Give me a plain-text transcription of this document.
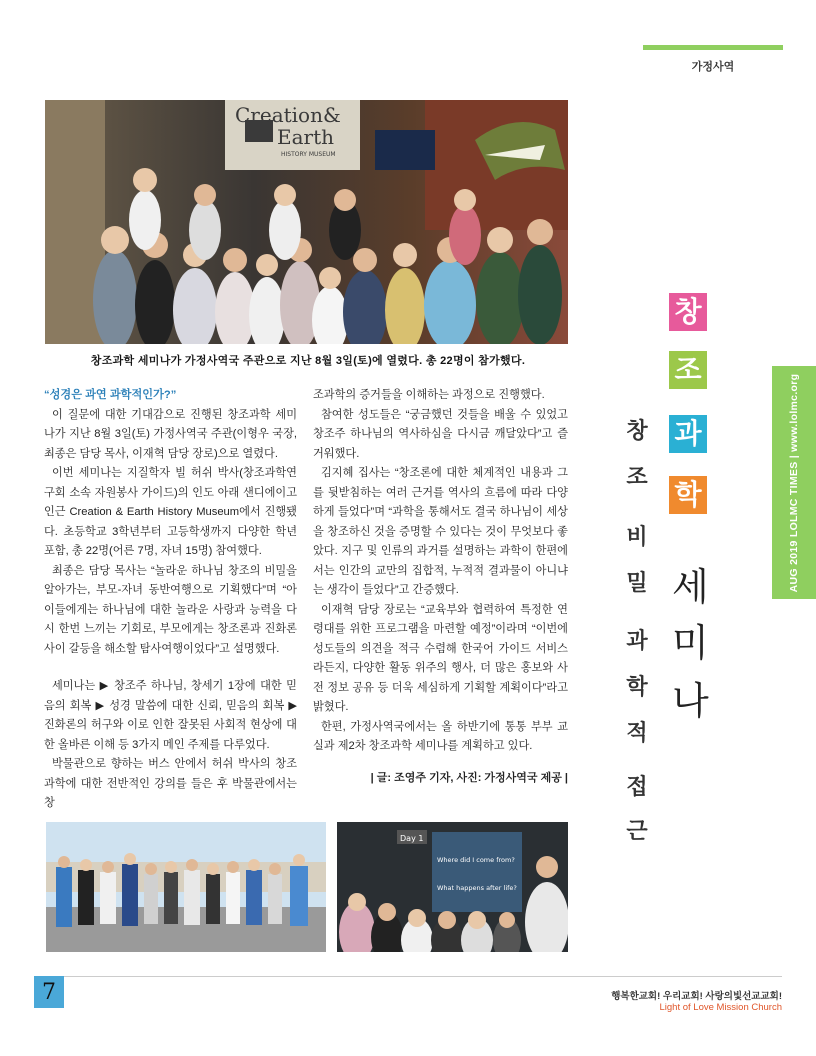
가정사역
Creation&
Earth
HISTORY MUSEUM
창조과학 세미나가 가정사역국 주관으로 지난 8월 3일(토)에 열렸다. 총 22명이 참가했다.

“성경은 과연 과학적인가?”

이 질문에 대한 기대감으로 진행된 창조과학 세미나가 지난 8월 3일(토) 가정사역국 주관(이형우 국장, 최종은 담당 목사, 이재혁 담당 장로)으로 열렸다.

이번 세미나는 지질학자 빌 허쉬 박사(창조과학연구회 소속 자원봉사 가이드)의 인도 아래 샌디에이고 인근 Creation & Earth History Museum에서 진행됐다. 초등학교 3학년부터 고등학생까지 다양한 학년 포함, 총 22명(어른 7명, 자녀 15명) 참여했다.

최종은 담당 목사는 “놀라운 하나님 창조의 비밀을 알아가는, 부모-자녀 동반여행으로 기획했다”며 “아이들에게는 하나님에 대한 놀라운 사랑과 능력을 다시 한번 느끼는 기회로, 부모에게는 창조론과 진화론 사이 갈등을 해소할 탐사여행이었다”고 설명했다.

세미나는 ▶ 창조주 하나님, 창세기 1장에 대한 믿음의 회복 ▶ 성경 말씀에 대한 신뢰, 믿음의 회복 ▶ 진화론의 허구와 이로 인한 잘못된 사회적 현상에 대한 올바른 이해 등 3가지 메인 주제를 다루었다.

박물관으로 향하는 버스 안에서 허쉬 박사의 창조과학에 대한 전반적인 강의를 들은 후 박물관에서는 창

조과학의 증거들을 이해하는 과정으로 진행했다.

참여한 성도들은 “궁금했던 것들을 배울 수 있었고 창조주 하나님의 역사하심을 다시금 깨달았다”고 즐거워했다.

김지혜 집사는 “창조론에 대한 체계적인 내용과 그를 뒷받침하는 여러 근거를 역사의 흐름에 따라 다양하게 들었다”며 “과학을 통해서도 결국 하나님이 세상을 창조하신 것을 증명할 수 있다는 것이 무엇보다 좋았다. 지구 및 인류의 과거를 설명하는 과학이 한편에서는 인간의 교만의 집합적, 누적적 결과물이 아니냐는 생각이 들었다”고 간증했다.

이재혁 담당 장로는 “교육부와 협력하여 특정한 연령대를 위한 프로그램을 마련할 예정”이라며 “이번에 성도들의 의견을 적극 수렴해 한국어 가이드 서비스라든지, 다양한 활동 위주의 행사, 더 많은 홍보와 사전 정보 공유 등 더욱 세심하게 기획할 계획이다”라고 밝혔다.

한편, 가정사역국에서는 올 하반기에 통통 부부 교실과 제2차 창조과학 세미나를 계획하고 있다.

| 글: 조영주 기자, 사진: 가정사역국 제공 |
Day 1
Where did I come from?
What happens after life?
창
조
과
학
세
미
나
창
조
비
밀
과
학
적
접
근
AUG 2019 LOLMC TIMES | www.lolmc.org
7	행복한교회! 우리교회! 사랑의빛선교교회!
Light of Love Mission Church
